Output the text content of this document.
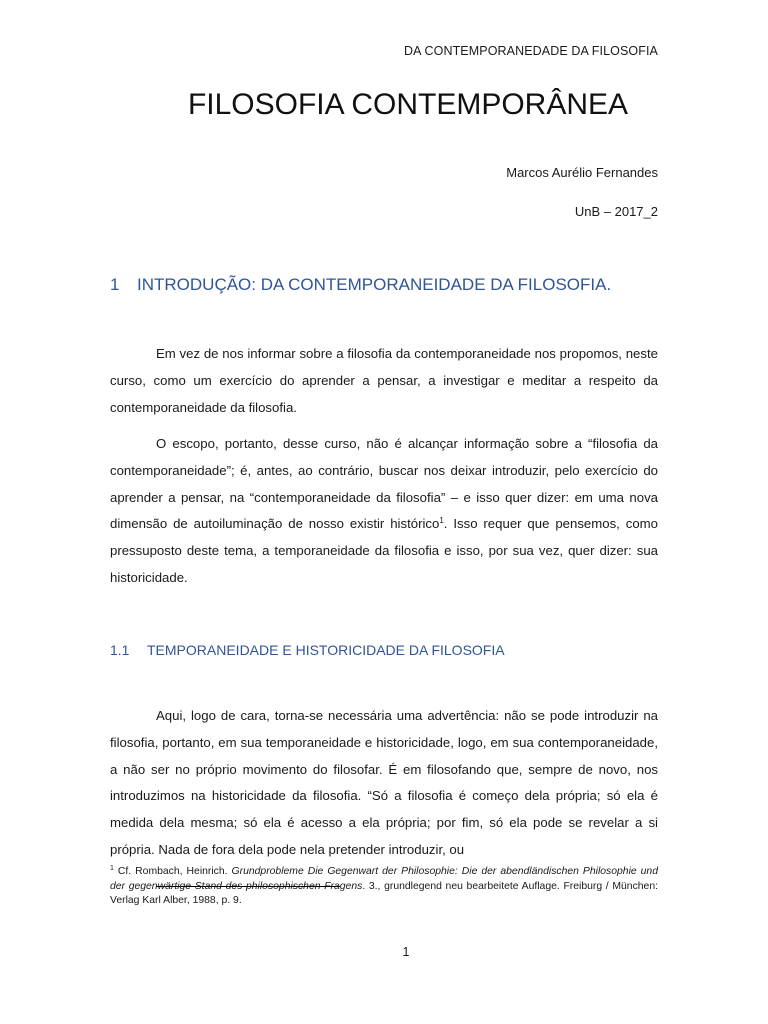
DA CONTEMPORANEDADE DA FILOSOFIA
FILOSOFIA CONTEMPORÂNEA
Marcos Aurélio Fernandes
UnB – 2017_2
1 INTRODUÇÃO: DA CONTEMPORANEIDADE DA FILOSOFIA.

Em vez de nos informar sobre a filosofia da contemporaneidade nos propomos, neste curso, como um exercício do aprender a pensar, a investigar e meditar a respeito da contemporaneidade da filosofia.

O escopo, portanto, desse curso, não é alcançar informação sobre a “filosofia da contemporaneidade”; é, antes, ao contrário, buscar nos deixar introduzir, pelo exercício do aprender a pensar, na “contemporaneidade da filosofia” – e isso quer dizer: em uma nova dimensão de autoiluminação de nosso existir histórico$^1$. Isso requer que pensemos, como pressuposto deste tema, a temporaneidade da filosofia e isso, por sua vez, quer dizer: sua historicidade.

1.1 TEMPORANEIDADE E HISTORICIDADE DA FILOSOFIA

Aqui, logo de cara, torna-se necessária uma advertência: não se pode introduzir na filosofia, portanto, em sua temporaneidade e historicidade, logo, em sua contemporaneidade, a não ser no próprio movimento do filosofar. É em filosofando que, sempre de novo, nos introduzimos na historicidade da filosofia. “Só a filosofia é começo dela própria; só ela é medida dela mesma; só ela é acesso a ela própria; por fim, só ela pode se revelar a si própria. Nada de fora dela pode nela pretender introduzir, ou

$^1$ Cf. Rombach, Heinrich. Grundprobleme Die Gegenwart der Philosophie: Die der abendländischen Philosophie und der gegenwärtige Stand des philosophischen Fragens. 3., grundlegend neu bearbeitete Auflage. Freiburg / München: Verlag Karl Alber, 1988, p. 9.

1
